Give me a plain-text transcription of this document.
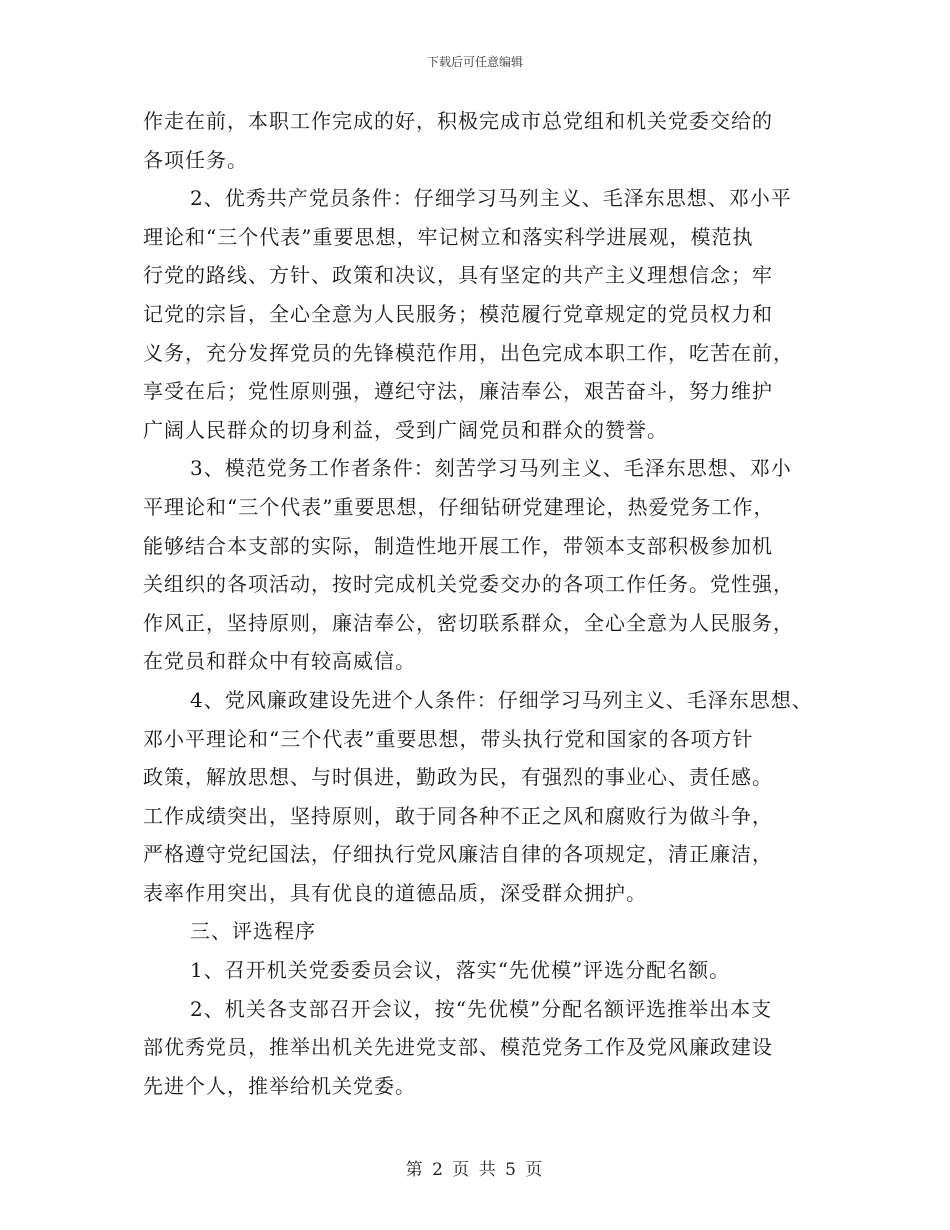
下载后可任意编辑
作走在前，本职工作完成的好，积极完成市总党组和机关党委交给的
各项任务。
2、优秀共产党员条件：仔细学习马列主义、毛泽东思想、邓小平
理论和“三个代表”重要思想，牢记树立和落实科学进展观，模范执
行党的路线、方针、政策和决议，具有坚定的共产主义理想信念；牢
记党的宗旨，全心全意为人民服务；模范履行党章规定的党员权力和
义务，充分发挥党员的先锋模范作用，出色完成本职工作，吃苦在前，
享受在后；党性原则强，遵纪守法，廉洁奉公，艰苦奋斗，努力维护
广阔人民群众的切身利益，受到广阔党员和群众的赞誉。
3、模范党务工作者条件：刻苦学习马列主义、毛泽东思想、邓小
平理论和“三个代表”重要思想，仔细钻研党建理论，热爱党务工作，
能够结合本支部的实际，制造性地开展工作，带领本支部积极参加机
关组织的各项活动，按时完成机关党委交办的各项工作任务。党性强，
作风正，坚持原则，廉洁奉公，密切联系群众，全心全意为人民服务，
在党员和群众中有较高威信。
4、党风廉政建设先进个人条件：仔细学习马列主义、毛泽东思想、
邓小平理论和“三个代表”重要思想，带头执行党和国家的各项方针
政策，解放思想、与时俱进，勤政为民，有强烈的事业心、责任感。
工作成绩突出，坚持原则，敢于同各种不正之风和腐败行为做斗争，
严格遵守党纪国法，仔细执行党风廉洁自律的各项规定，清正廉洁，
表率作用突出，具有优良的道德品质，深受群众拥护。
三、评选程序
1、召开机关党委委员会议，落实“先优模”评选分配名额。
2、机关各支部召开会议，按“先优模”分配名额评选推举出本支
部优秀党员，推举出机关先进党支部、模范党务工作及党风廉政建设
先进个人，推举给机关党委。
第 2 页 共 5 页
